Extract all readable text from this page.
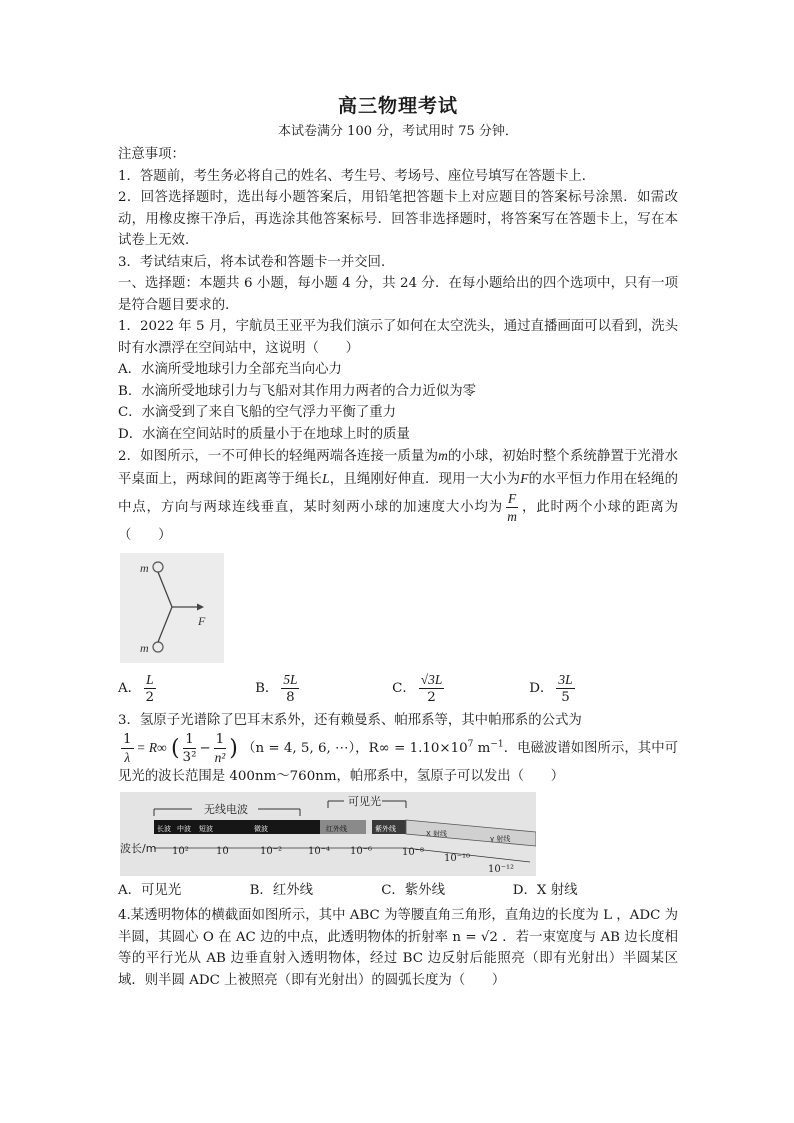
高三物理考试
本试卷满分 100 分，考试用时 75 分钟．

注意事项：

1．答题前，考生务必将自己的姓名、考生号、考场号、座位号填写在答题卡上．

2．回答选择题时，选出每小题答案后，用铅笔把答题卡上对应题目的答案标号涂黑．如需改动，用橡皮擦干净后，再选涂其他答案标号．回答非选择题时，将答案写在答题卡上，写在本试卷上无效．

3．考试结束后，将本试卷和答题卡一并交回．

一、选择题：本题共 6 小题，每小题 4 分，共 24 分．在每小题给出的四个选项中，只有一项是符合题目要求的．

1．2022 年 5 月，宇航员王亚平为我们演示了如何在太空洗头，通过直播画面可以看到，洗头时有水漂浮在空间站中，这说明（　　）

A．水滴所受地球引力全部充当向心力

B．水滴所受地球引力与飞船对其作用力两者的合力近似为零

C．水滴受到了来自飞船的空气浮力平衡了重力

D．水滴在空间站时的质量小于在地球上时的质量

2．如图所示，一不可伸长的轻绳两端各连接一质量为m的小球，初始时整个系统静置于光滑水平桌面上，两球间的距离等于绳长L，且绳刚好伸直．现用一大小为F的水平恒力作用在轻绳的中点，方向与两球连线垂直，某时刻两小球的加速度大小均为 $\frac{F}{m}$ ，此时两个小球的距离为（　　）

m
m
F
A． $\frac{L}{2}$	B． $\frac{5L}{8}$	C． $\frac{√3L}{2}$	D． $\frac{3L}{5}$

3．氢原子光谱除了巴耳末系外，还有赖曼系、帕邢系等，其中帕邢系的公式为

$\frac{1}{\lambda} = R\infty$ ( $\frac{1}{\text{3²}} - \frac{1}{\text{n²}}$ ) （n = 4, 5, 6, ⋯），$R\infty = 1.10\times 10^7$ $m^{-1}$．电磁波谱如图所示，其中可见光的波长范围是 400nm～760nm，帕邢系中，氢原子可以发出（　　）

无线电波
可见光
长波 中波 短波	微波	红外线	紫外线
X 射线
γ 射线
波长/m 10²	10	10⁻²	10⁻⁴ 10⁻⁶	10⁻⁸
10⁻¹⁰
10⁻¹²
A．可见光	B．红外线	C．紫外线	D．X 射线

4.某透明物体的横截面如图所示，其中 ABC 为等腰直角三角形，直角边的长度为 L ，ADC 为半圆，其圆心 O 在 AC 边的中点，此透明物体的折射率 n = √2 ．若一束宽度与 AB 边长度相等的平行光从 AB 边垂直射入透明物体，经过 BC 边反射后能照亮（即有光射出）半圆某区域．则半圆 ADC 上被照亮（即有光射出）的圆弧长度为（　　）
